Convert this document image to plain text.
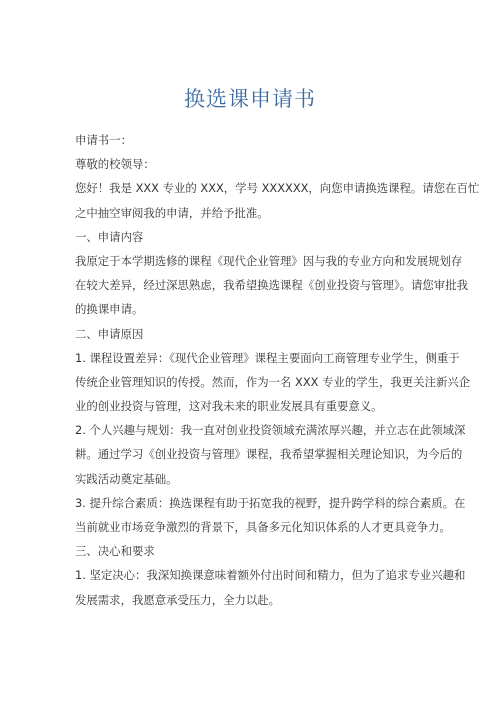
换选课申请书

申请书一：

尊敬的校领导：

您好！我是 XXX 专业的 XXX，学号 XXXXXX，向您申请换选课程。请您在百忙

之中抽空审阅我的申请，并给予批准。

一、申请内容

我原定于本学期选修的课程《现代企业管理》因与我的专业方向和发展规划存

在较大差异，经过深思熟虑，我希望换选课程《创业投资与管理》。请您审批我

的换课申请。

二、申请原因

1. 课程设置差异：《现代企业管理》课程主要面向工商管理专业学生，侧重于

传统企业管理知识的传授。然而，作为一名 XXX 专业的学生，我更关注新兴企

业的创业投资与管理，这对我未来的职业发展具有重要意义。

2. 个人兴趣与规划：我一直对创业投资领域充满浓厚兴趣，并立志在此领域深

耕。通过学习《创业投资与管理》课程，我希望掌握相关理论知识，为今后的

实践活动奠定基础。

3. 提升综合素质：换选课程有助于拓宽我的视野，提升跨学科的综合素质。在

当前就业市场竞争激烈的背景下，具备多元化知识体系的人才更具竞争力。

三、决心和要求

1. 坚定决心：我深知换课意味着额外付出时间和精力，但为了追求专业兴趣和

发展需求，我愿意承受压力，全力以赴。
